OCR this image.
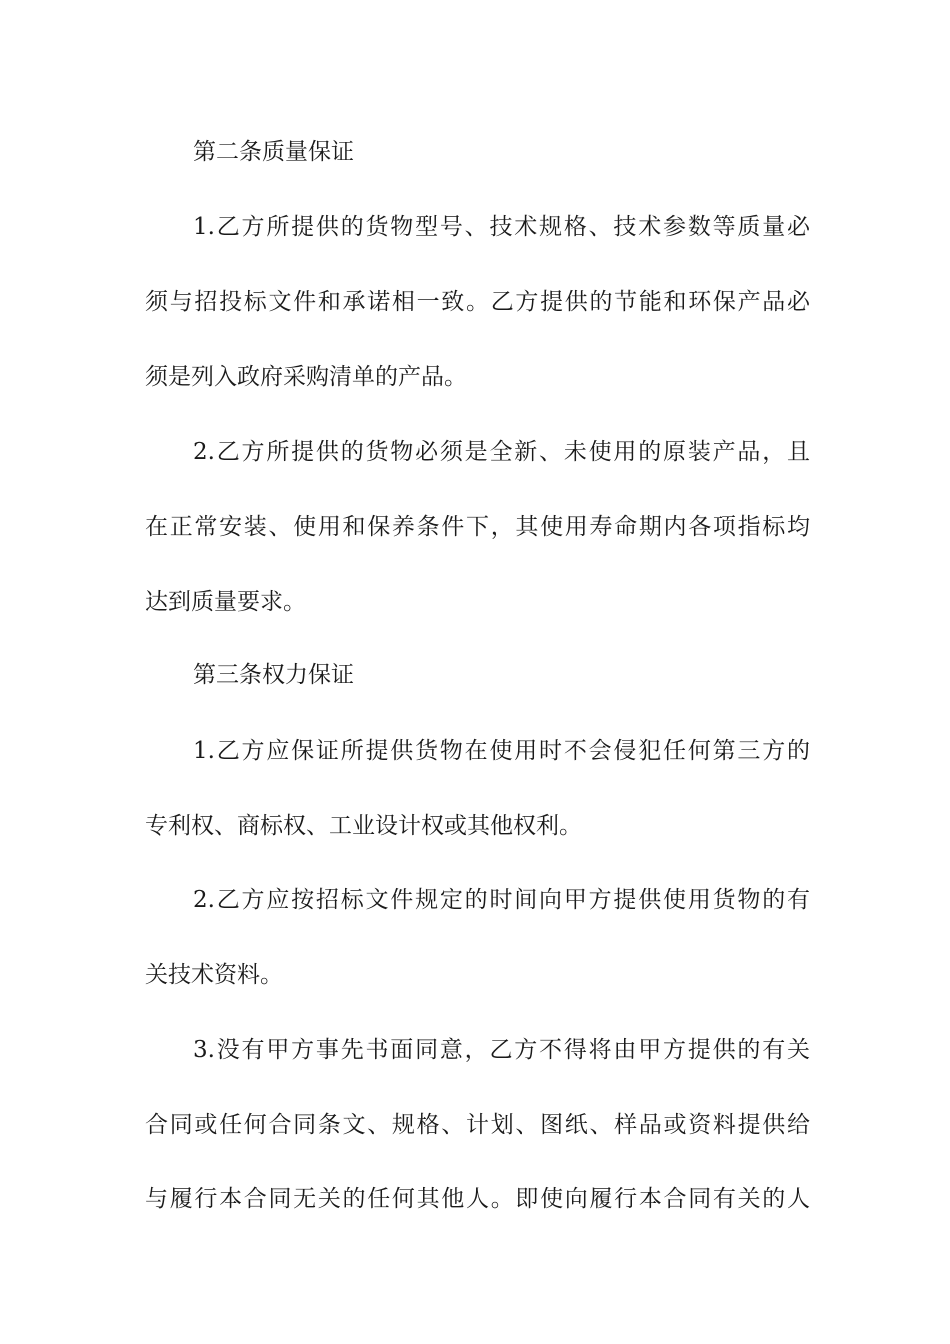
第二条质量保证
1.乙方所提供的货物型号、技术规格、技术参数等质量必
须与招投标文件和承诺相一致。乙方提供的节能和环保产品必
须是列入政府采购清单的产品。
2.乙方所提供的货物必须是全新、未使用的原装产品，且
在正常安装、使用和保养条件下，其使用寿命期内各项指标均
达到质量要求。
第三条权力保证
1.乙方应保证所提供货物在使用时不会侵犯任何第三方的
专利权、商标权、工业设计权或其他权利。
2.乙方应按招标文件规定的时间向甲方提供使用货物的有
关技术资料。
3.没有甲方事先书面同意，乙方不得将由甲方提供的有关
合同或任何合同条文、规格、计划、图纸、样品或资料提供给
与履行本合同无关的任何其他人。即使向履行本合同有关的人
